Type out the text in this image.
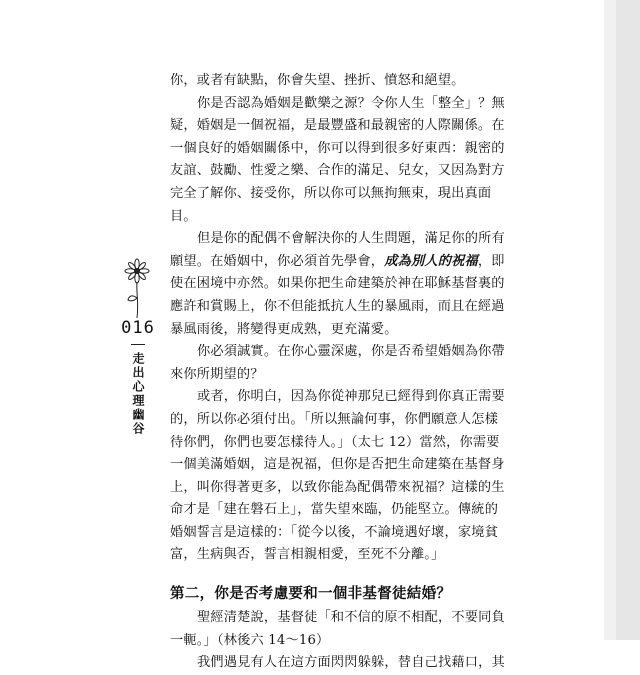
016
走出心理幽谷
你，或者有缺點，你會失望、挫折、憤怒和絕望。
你是否認為婚姻是歡樂之源？令你人生「整全」？無
疑，婚姻是一個祝福，是最豐盛和最親密的人際關係。在
一個良好的婚姻關係中，你可以得到很多好東西：親密的
友誼、鼓勵、性愛之樂、合作的滿足、兒女，又因為對方
完全了解你、接受你，所以你可以無拘無束，現出真面
目。
但是你的配偶不會解決你的人生問題，滿足你的所有
願望。在婚姻中，你必須首先學會，成為別人的祝福，即
使在困境中亦然。如果你把生命建築於神在耶穌基督裏的
應許和賞賜上，你不但能抵抗人生的暴風雨，而且在經過
暴風雨後，將變得更成熟，更充滿愛。
你必須誠實。在你心靈深處，你是否希望婚姻為你帶
來你所期望的？
或者，你明白，因為你從神那兒已經得到你真正需要
的，所以你必須付出。「所以無論何事，你們願意人怎樣
待你們，你們也要怎樣待人。」（太七 12）當然，你需要
一個美滿婚姻，這是祝福，但你是否把生命建築在基督身
上，叫你得著更多，以致你能為配偶帶來祝福？這樣的生
命才是「建在磐石上」，當失望來臨，仍能堅立。傳統的
婚姻誓言是這樣的：「從今以後，不論境遇好壞，家境貧
富，生病與否，誓言相親相愛，至死不分離。」
第二，你是否考慮要和一個非基督徒結婚？
聖經清楚說，基督徒「和不信的原不相配，不要同負
一軛。」（林後六 14～16）
我們遇見有人在這方面閃閃躲躲，替自己找藉口，其
